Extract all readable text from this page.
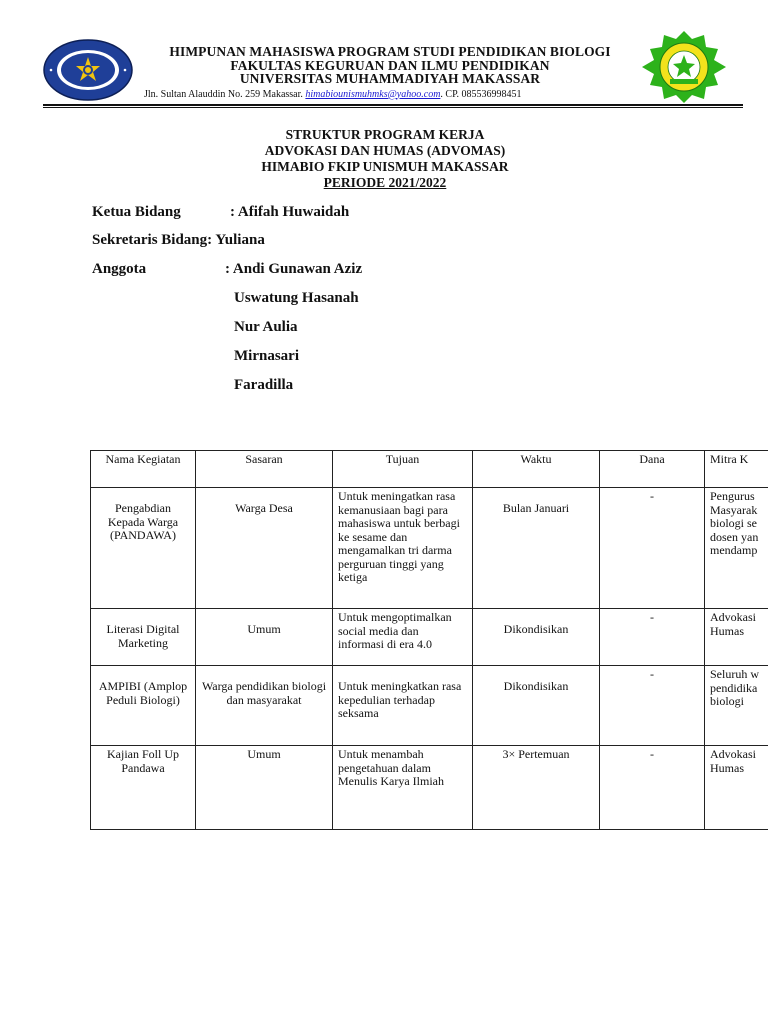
HIMPUNAN MAHASISWA PROGRAM STUDI PENDIDIKAN BIOLOGI
FAKULTAS KEGURUAN DAN ILMU PENDIDIKAN
UNIVERSITAS MUHAMMADIYAH MAKASSAR
Jln. Sultan Alauddin No. 259 Makassar. himabiounismuhmks@yahoo.com. CP. 085536998451
STRUKTUR PROGRAM KERJA
ADVOKASI DAN HUMAS (ADVOMAS)
HIMABIO FKIP UNISMUH MAKASSAR
PERIODE 2021/2022
Ketua Bidang	: Afifah Huwaidah
Sekretaris Bidang: Yuliana
Anggota	: Andi Gunawan Aziz
Uswatung Hasanah
Nur Aulia
Mirnasari
Faradilla
Nama Kegiatan	Sasaran	Tujuan	Waktu	Dana	Mitra K
Pengabdian Kepada Warga (PANDAWA)	Warga Desa	Untuk meningatkan rasa kemanusiaan bagi para mahasiswa untuk berbagi ke sesame dan mengamalkan tri darma perguruan tinggi yang ketiga	Bulan Januari	-	Pengurus Masyarak biologi se dosen yan mendamp
Literasi Digital Marketing	Umum	Untuk mengoptimalkan social media dan informasi di era 4.0	Dikondisikan	-	Advokasi Humas
AMPIBI (Amplop Peduli Biologi)	Warga pendidikan biologi dan masyarakat	Untuk meningkatkan rasa kepedulian terhadap seksama	Dikondisikan	-	Seluruh w pendidika biologi
Kajian Foll Up Pandawa	Umum	Untuk menambah pengetahuan dalam Menulis Karya Ilmiah	3× Pertemuan	-	Advokasi Humas
